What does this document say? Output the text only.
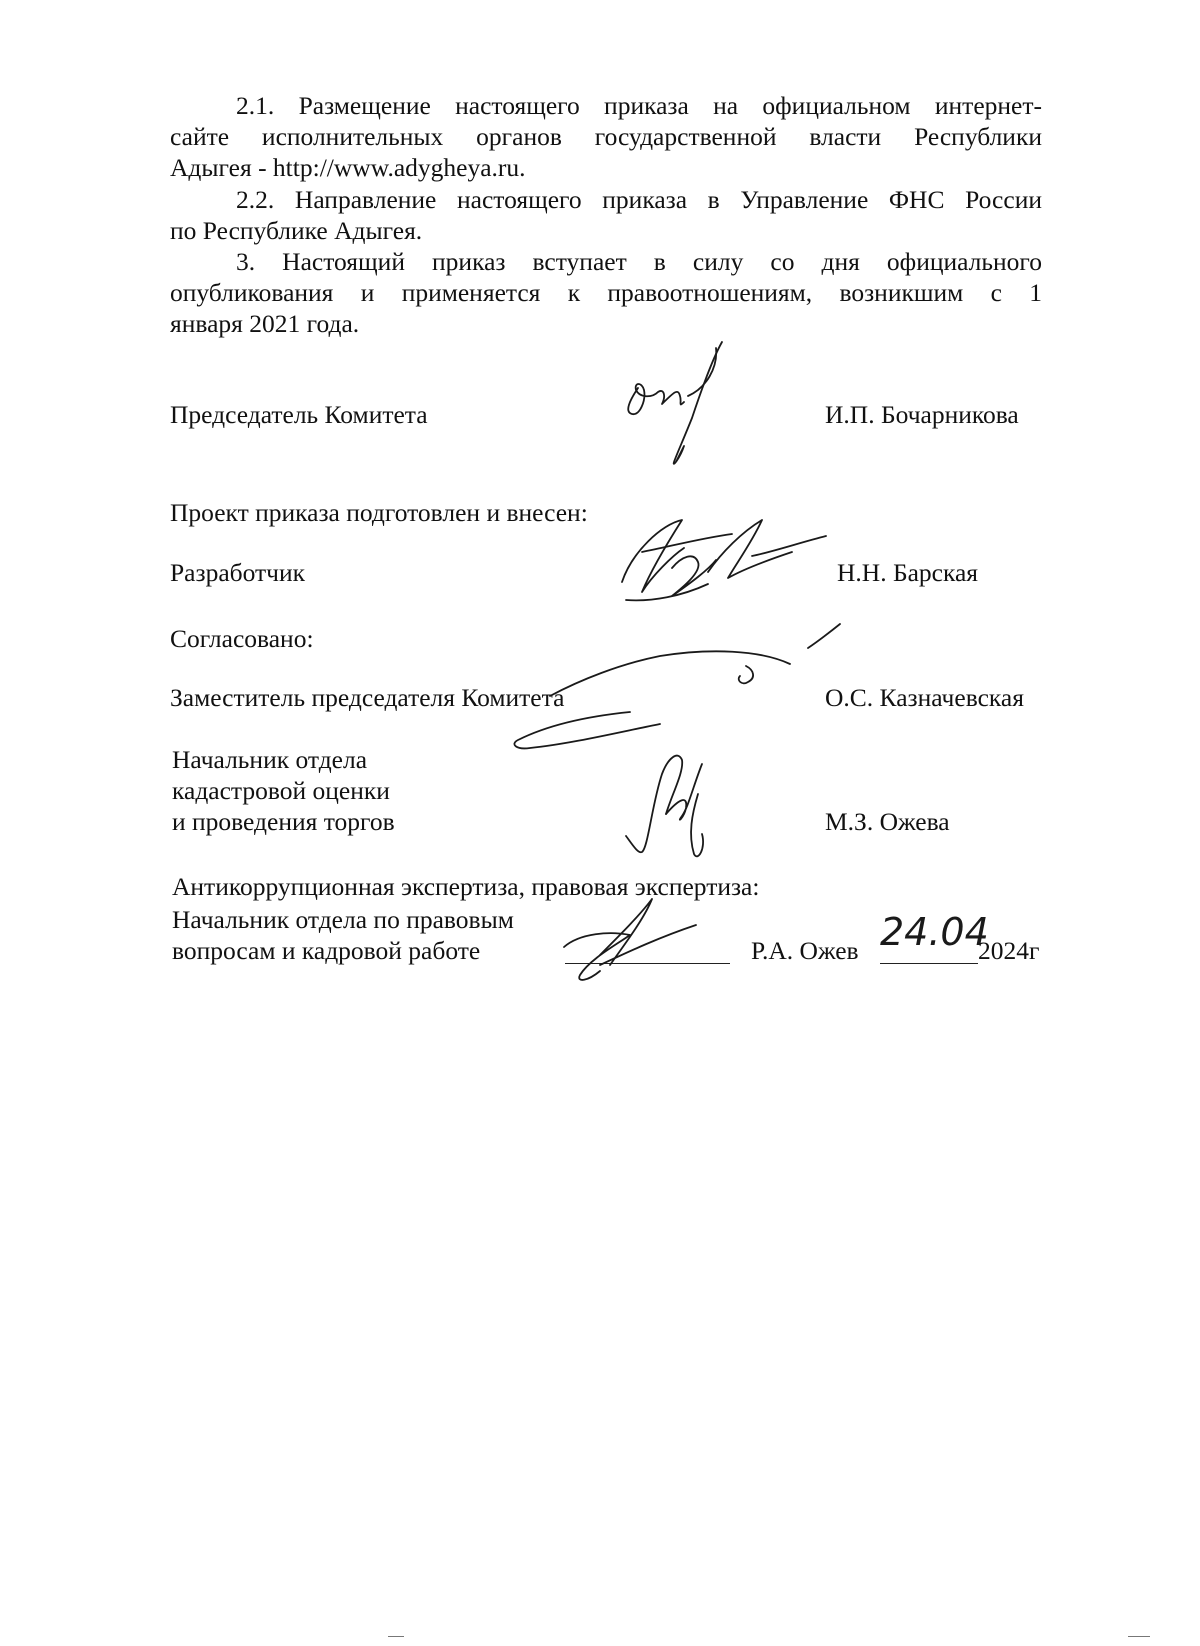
2.1. Размещение настоящего приказа на официальном интернет-
сайте исполнительных органов государственной власти Республики
Адыгея - http://www.adygheya.ru.

2.2. Направление настоящего приказа в Управление ФНС России
по Республике Адыгея.

3. Настоящий приказ вступает в силу со дня официального
опубликования и применяется к правоотношениям, возникшим с 1
января 2021 года.

Председатель Комитета	И.П. Бочарникова

Проект приказа подготовлен и внесен:

Разработчик	Н.Н. Барская

Согласовано:

Заместитель председателя Комитета	О.С. Казначевская

Начальник отдела

кадастровой оценки

и проведения торгов	М.З. Ожева

Антикоррупционная экспертиза, правовая экспертиза:

Начальник отдела по правовым

вопросам и кадровой работе	Р.А. Ожев 24.04

2024г
